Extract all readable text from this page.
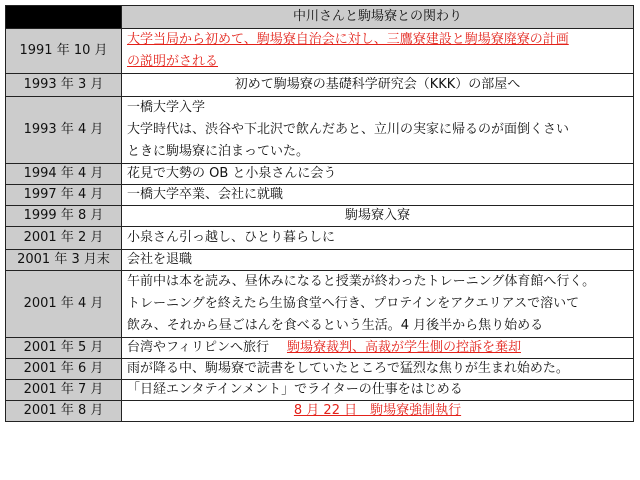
	中川さんと駒場寮との関わり
1991 年 10 月	大学当局から初めて、駒場寮自治会に対し、三鷹寮建設と駒場寮廃寮の計画
の説明がされる

1993 年 3 月	初めて駒場寮の基礎科学研究会（KKK）の部屋へ
1993 年 4 月	一橋大学入学
大学時代は、渋谷や下北沢で飲んだあと、立川の実家に帰るのが面倒くさい
ときに駒場寮に泊まっていた。

1994 年 4 月	花見で大勢の OB と小泉さんに会う
1997 年 4 月	一橋大学卒業、会社に就職
1999 年 8 月	駒場寮入寮
2001 年 2 月	小泉さん引っ越し、ひとり暮らしに
2001 年 3 月末	会社を退職
2001 年 4 月	午前中は本を読み、昼休みになると授業が終わったトレーニング体育館へ行く。
トレーニングを終えたら生協食堂へ行き、プロテインをアクエリアスで溶いて
飲み、それから昼ごはんを食べるという生活。4 月後半から焦り始める

2001 年 5 月	台湾やフィリピンへ旅行 駒場寮裁判、高裁が学生側の控訴を棄却
2001 年 6 月	雨が降る中、駒場寮で読書をしていたところで猛烈な焦りが生まれ始めた。
2001 年 7 月	「日経エンタテインメント」でライターの仕事をはじめる
2001 年 8 月	8 月 22 日　駒場寮強制執行
